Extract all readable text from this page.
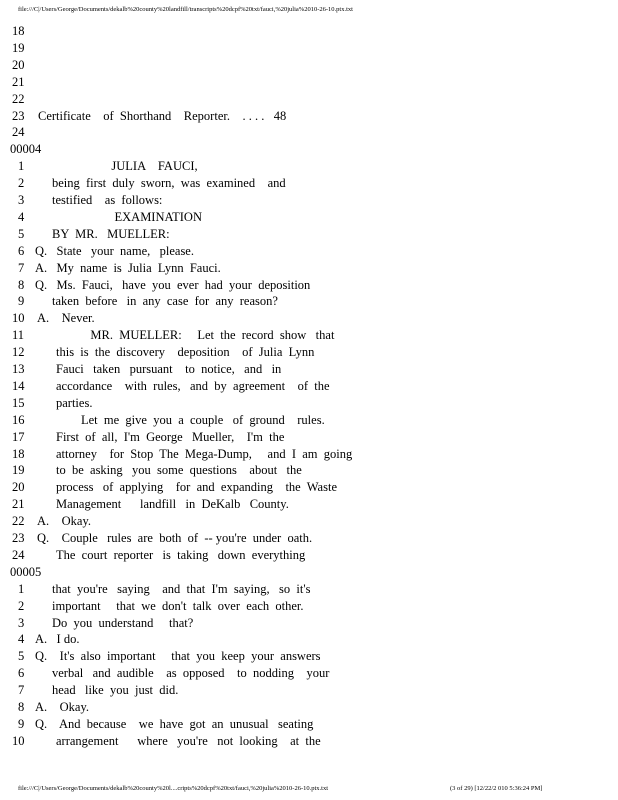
file:///C|/Users/George/Documents/dekalb%20county%20landfill/transcripts%20dcpf%20txt/fauci,%20julia%2010-26-10.ptx.txt
18
19
20
21
22
23 Certificate    of  Shorthand    Reporter.    . . . .   48
24
00004
1 JULIA    FAUCI,
2 being  first  duly  sworn,  was  examined    and
3 testified    as  follows:
4 EXAMINATION
5 BY  MR.   MUELLER:
6 Q.   State   your  name,   please.
7 A.   My  name  is  Julia  Lynn  Fauci.
8 Q.   Ms.  Fauci,   have  you  ever  had  your  deposition
9 taken  before   in  any  case  for  any  reason?
10 A.    Never.
11	MR.  MUELLER:     Let  the  record  show   that
12	this  is  the  discovery    deposition    of  Julia  Lynn
13	Fauci   taken   pursuant    to  notice,   and   in
14	accordance    with  rules,   and  by  agreement    of  the
15	parties.
16	Let  me  give  you  a  couple   of  ground    rules.
17	First  of  all,  I'm  George   Mueller,    I'm  the
18	attorney    for  Stop  The  Mega-Dump,     and  I  am  going
19	to  be  asking   you  some  questions    about   the
20	process   of  applying    for  and  expanding    the  Waste
21	Management      landfill   in  DeKalb   County.
22 A.    Okay.
23 Q.    Couple   rules  are  both  of  -- you're  under  oath.
24	The  court  reporter   is  taking   down  everything
00005
1 that  you're   saying    and  that  I'm  saying,   so  it's
2 important     that  we  don't  talk  over  each  other.
3 Do  you  understand     that?
4 A.   I do.
5 Q.    It's  also  important     that  you  keep  your  answers
6 verbal   and  audible    as  opposed    to  nodding    your
7 head   like  you  just  did.
8 A.    Okay.
9 Q.    And  because    we  have  got  an  unusual   seating
10	arrangement      where   you're   not  looking    at  the
file:///C|/Users/George/Documents/dekalb%20county%20l....cripts%20dcpf%20txt/fauci,%20julia%2010-26-10.ptx.txt	(3 of 29) [12/22/2 010 5:36:24 PM]
